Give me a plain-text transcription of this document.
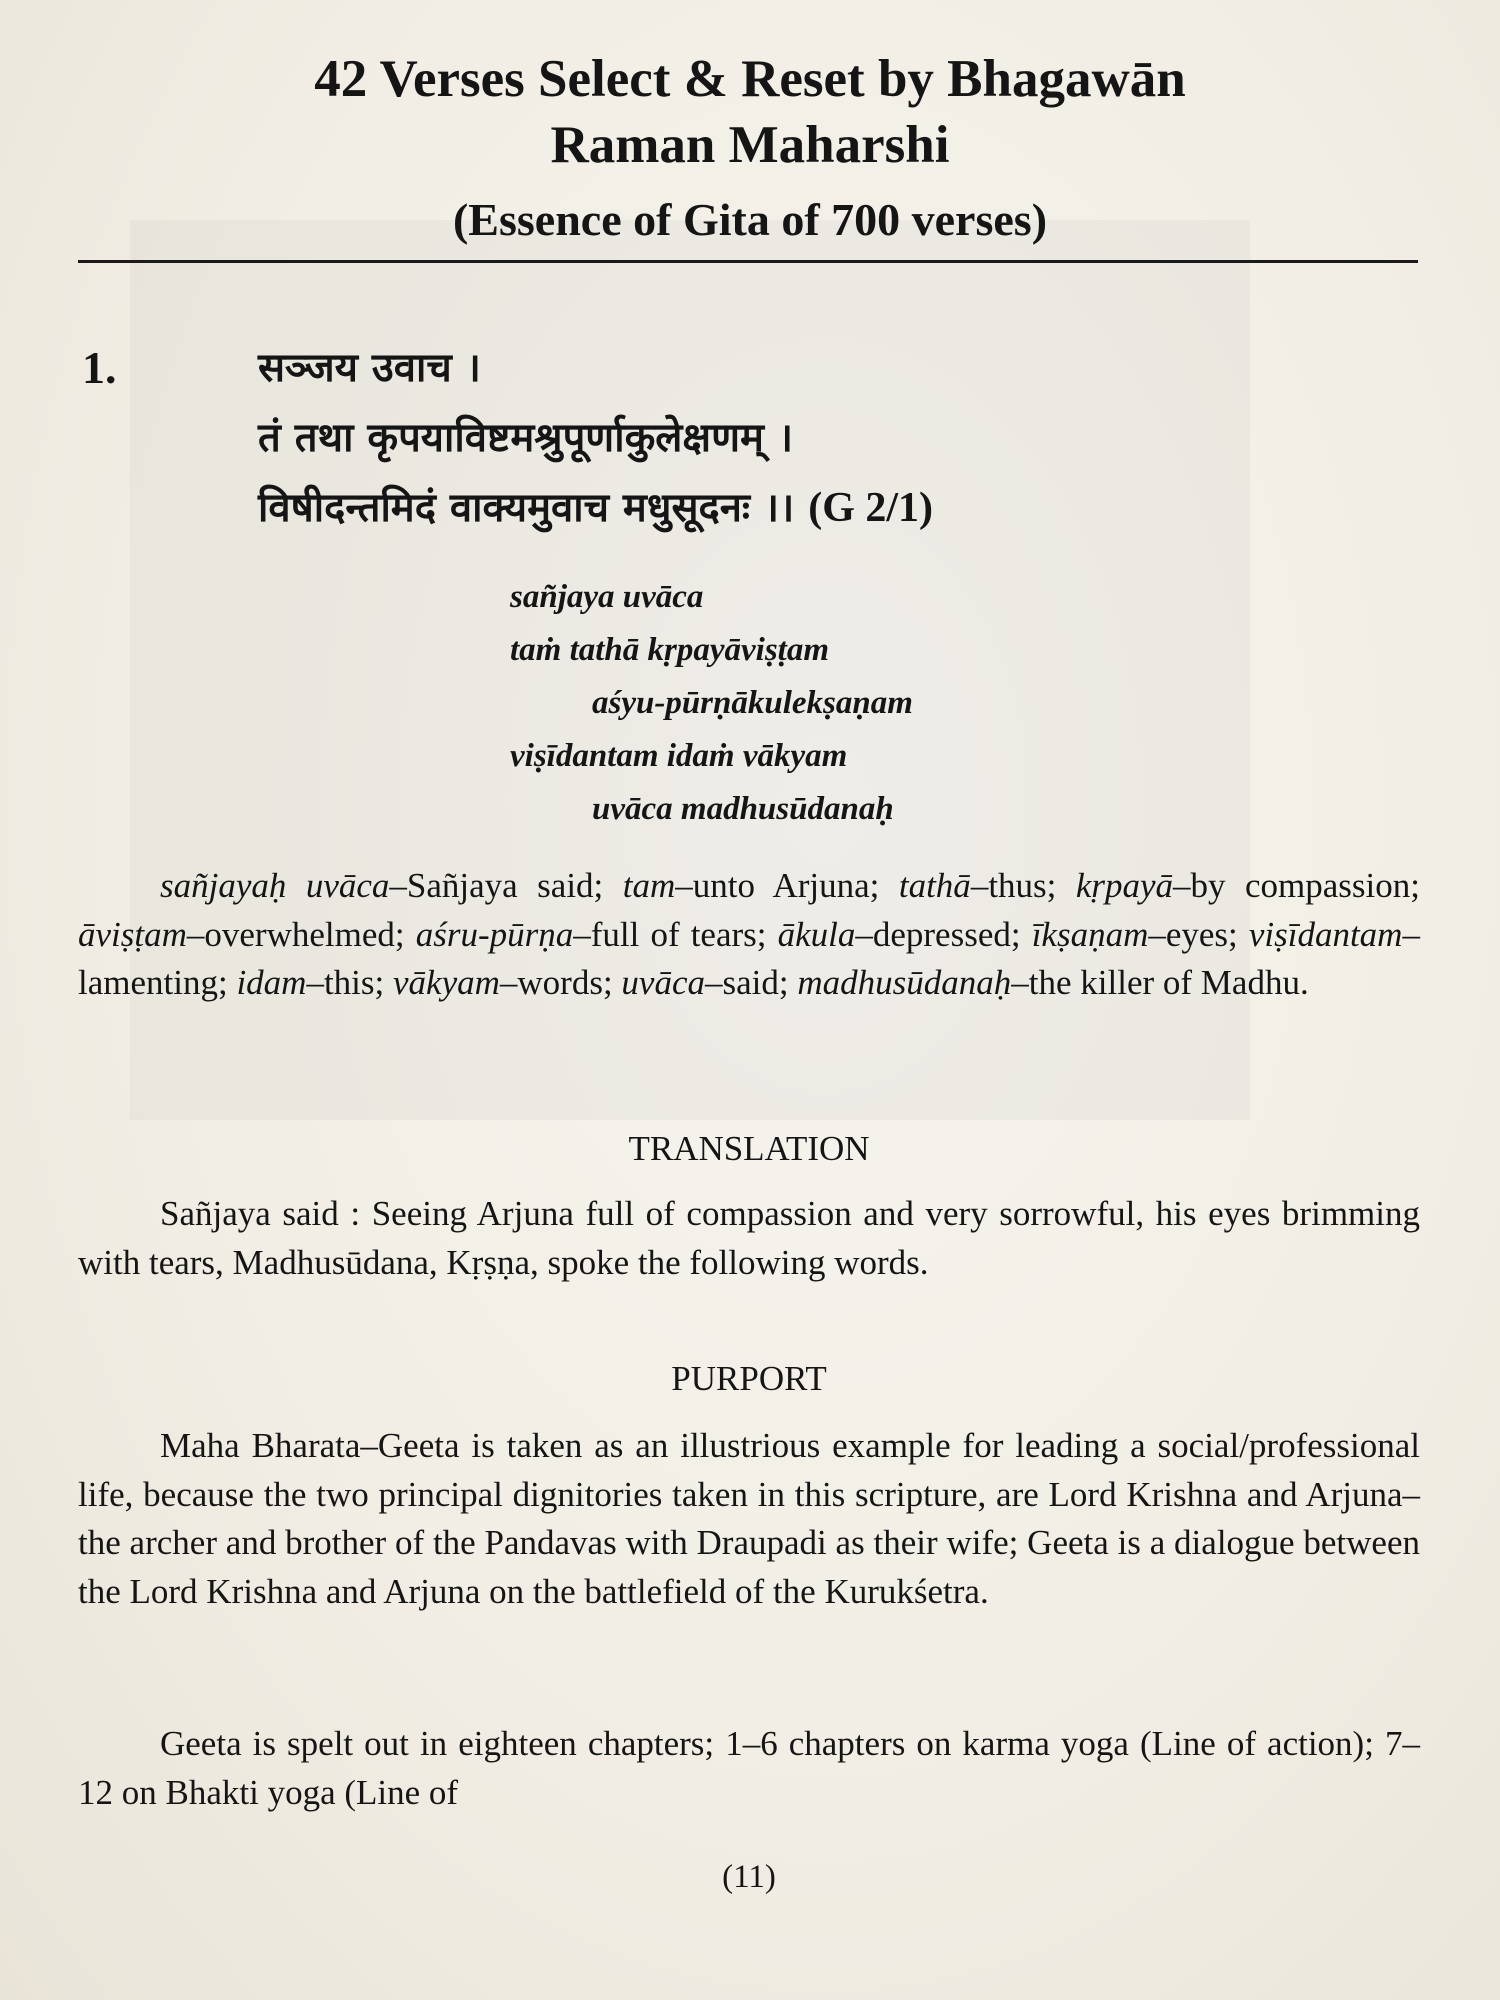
42 Verses Select & Reset by Bhagawān
Raman Maharshi
(Essence of Gita of 700 verses)
1.	सञ्जय उवाच ।
तं तथा कृपयाविष्टमश्रुपूर्णाकुलेक्षणम् ।
विषीदन्तमिदं वाक्यमुवाच मधुसूदनः ।। (G 2/1)
sañjaya uvāca
taṁ tathā kṛpayāviṣṭam
aśyu-pūrṇākulekṣaṇam
viṣīdantam idaṁ vākyam
uvāca madhusūdanaḥ

sañjayaḥ uvāca–Sañjaya said; tam–unto Arjuna; tathā–thus; kṛpayā–by compassion; āviṣṭam–overwhelmed; aśru-pūrṇa–full of tears; ākula–depressed; īkṣaṇam–eyes; viṣīdantam–lamenting; idam–this; vākyam–words; uvāca–said; madhusūdanaḥ–the killer of Madhu.

TRANSLATION

Sañjaya said : Seeing Arjuna full of compassion and very sorrowful, his eyes brimming with tears, Madhusūdana, Kṛṣṇa, spoke the following words.

PURPORT

Maha Bharata–Geeta is taken as an illustrious example for leading a social/professional life, because the two principal dignitories taken in this scripture, are Lord Krishna and Arjuna– the archer and brother of the Pandavas with Draupadi as their wife; Geeta is a dialogue between the Lord Krishna and Arjuna on the battlefield of the Kurukśetra.

Geeta is spelt out in eighteen chapters; 1–6 chapters on karma yoga (Line of action); 7–12 on Bhakti yoga (Line of

(11)
